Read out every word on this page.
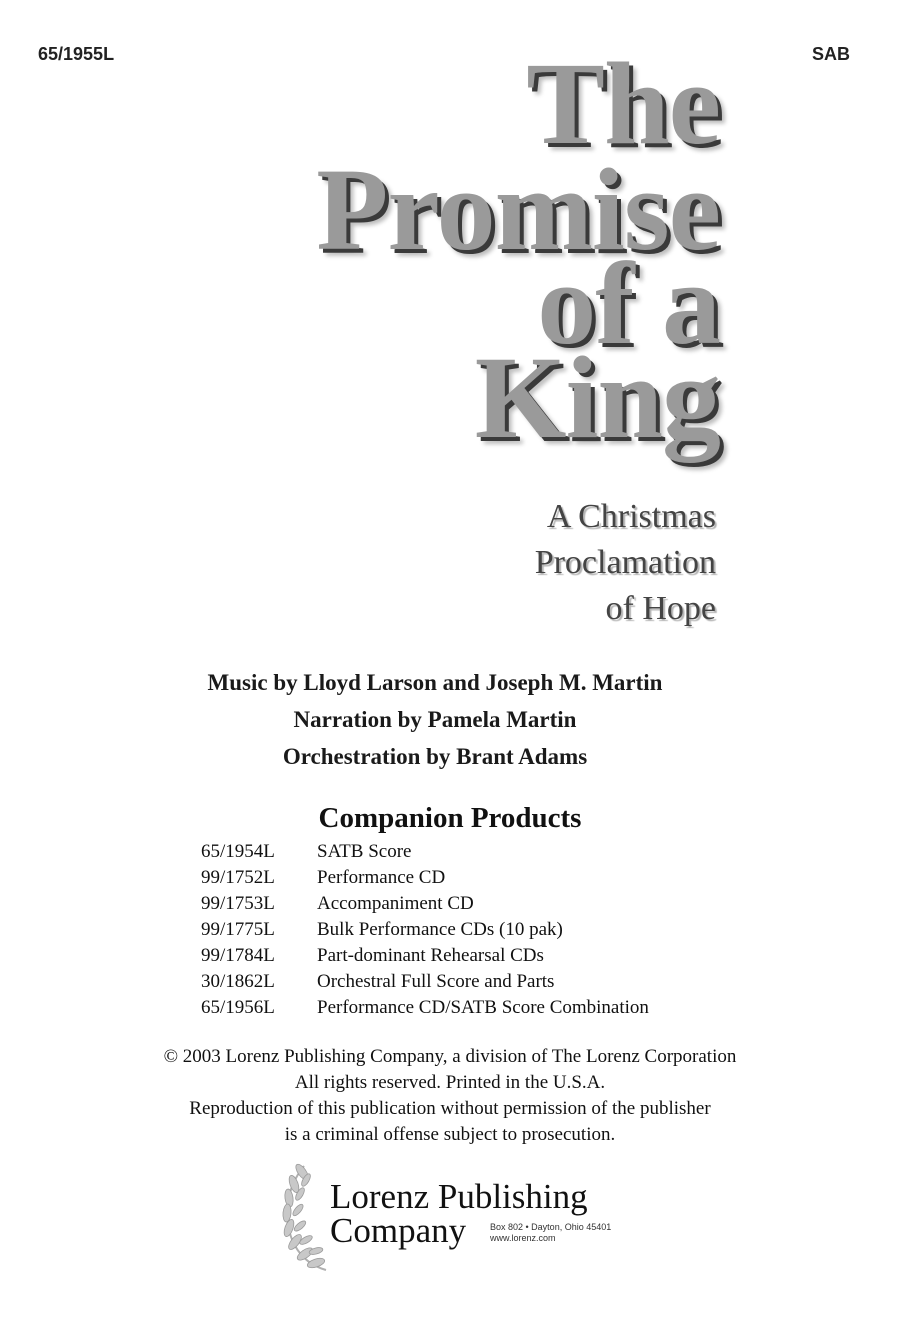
65/1955L	SAB
The
Promise
of a
King
A Christmas
Proclamation
of Hope
Music by Lloyd Larson and Joseph M. Martin
Narration by Pamela Martin
Orchestration by Brant Adams
Companion Products
65/1954L SATB Score
99/1752L Performance CD
99/1753L Accompaniment CD
99/1775L Bulk Performance CDs (10 pak)
99/1784L Part-dominant Rehearsal CDs
30/1862L Orchestral Full Score and Parts
65/1956L Performance CD/SATB Score Combination
© 2003 Lorenz Publishing Company, a division of The Lorenz Corporation
All rights reserved. Printed in the U.S.A.
Reproduction of this publication without permission of the publisher
is a criminal offense subject to prosecution.
Lorenz Publishing
Company	Box 802 • Dayton, Ohio 45401
www.lorenz.com
